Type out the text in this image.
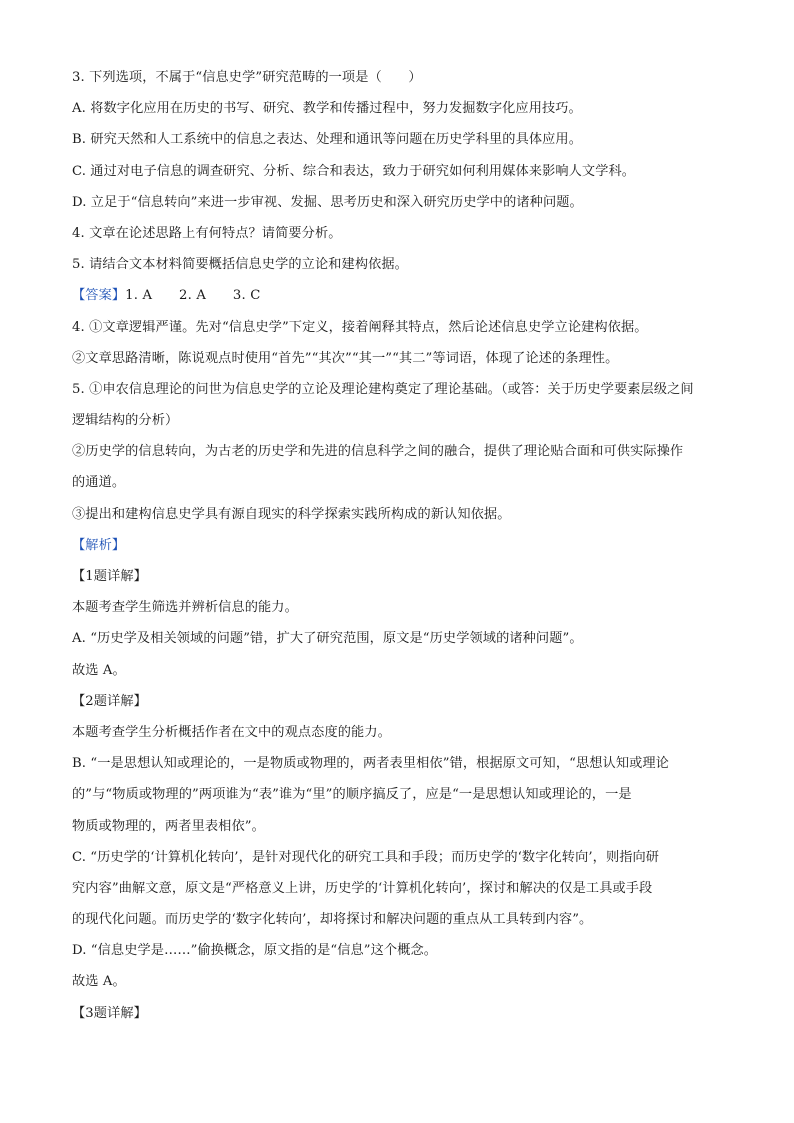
3. 下列选项，不属于“信息史学”研究范畴的一项是（　　）
A. 将数字化应用在历史的书写、研究、教学和传播过程中，努力发掘数字化应用技巧。
B. 研究天然和人工系统中的信息之表达、处理和通讯等问题在历史学科里的具体应用。
C. 通过对电子信息的调查研究、分析、综合和表达，致力于研究如何利用媒体来影响人文学科。
D. 立足于“信息转向”来进一步审视、发掘、思考历史和深入研究历史学中的诸种问题。
4. 文章在论述思路上有何特点？请简要分析。
5. 请结合文本材料简要概括信息史学的立论和建构依据。
【答案】1. A　　2. A　　3. C
4. ①文章逻辑严谨。先对“信息史学”下定义，接着阐释其特点，然后论述信息史学立论建构依据。
②文章思路清晰，陈说观点时使用“首先”“其次”“其一”“其二”等词语，体现了论述的条理性。
5. ①申农信息理论的问世为信息史学的立论及理论建构奠定了理论基础。（或答：关于历史学要素层级之间
逻辑结构的分析）
②历史学的信息转向，为古老的历史学和先进的信息科学之间的融合，提供了理论贴合面和可供实际操作
的通道。
③提出和建构信息史学具有源自现实的科学探索实践所构成的新认知依据。
【解析】
【1题详解】
本题考查学生筛选并辨析信息的能力。
A. “历史学及相关领域的问题”错，扩大了研究范围，原文是“历史学领域的诸种问题”。
故选 A。
【2题详解】
本题考查学生分析概括作者在文中的观点态度的能力。
B. “一是思想认知或理论的，一是物质或物理的，两者表里相依”错，根据原文可知，“思想认知或理论
的”与“物质或物理的”两项谁为“表”谁为“里”的顺序搞反了，应是“一是思想认知或理论的，一是
物质或物理的，两者里表相依”。
C. “历史学的‘计算机化转向’，是针对现代化的研究工具和手段；而历史学的‘数字化转向’，则指向研
究内容”曲解文意，原文是“严格意义上讲，历史学的‘计算机化转向’，探讨和解决的仅是工具或手段
的现代化问题。而历史学的‘数字化转向’，却将探讨和解决问题的重点从工具转到内容”。
D. “信息史学是……”偷换概念，原文指的是“信息”这个概念。
故选 A。
【3题详解】
